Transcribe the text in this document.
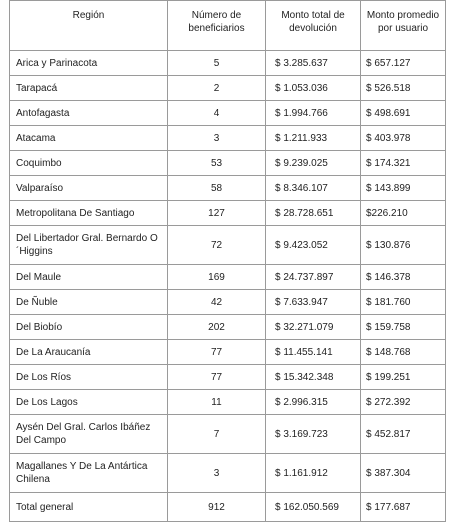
Región	Número de beneficiarios	Monto total de devolución	Monto promedio por usuario
Arica y Parinacota	5	$ 3.285.637	$ 657.127
Tarapacá	2	$ 1.053.036	$ 526.518
Antofagasta	4	$ 1.994.766	$ 498.691
Atacama	3	$ 1.211.933	$ 403.978
Coquimbo	53	$ 9.239.025	$ 174.321
Valparaíso	58	$ 8.346.107	$ 143.899
Metropolitana De Santiago	127	$ 28.728.651	$226.210
Del Libertador Gral. Bernardo O´Higgins	72	$ 9.423.052	$ 130.876
Del Maule	169	$ 24.737.897	$ 146.378
De Ñuble	42	$ 7.633.947	$ 181.760
Del Biobío	202	$ 32.271.079	$ 159.758
De La Araucanía	77	$ 11.455.141	$ 148.768
De Los Ríos	77	$ 15.342.348	$ 199.251
De Los Lagos	11	$ 2.996.315	$ 272.392
Aysén Del Gral. Carlos Ibáñez Del Campo	7	$ 3.169.723	$ 452.817
Magallanes Y De La Antártica Chilena	3	$ 1.161.912	$ 387.304
Total general	912	$ 162.050.569	$ 177.687
